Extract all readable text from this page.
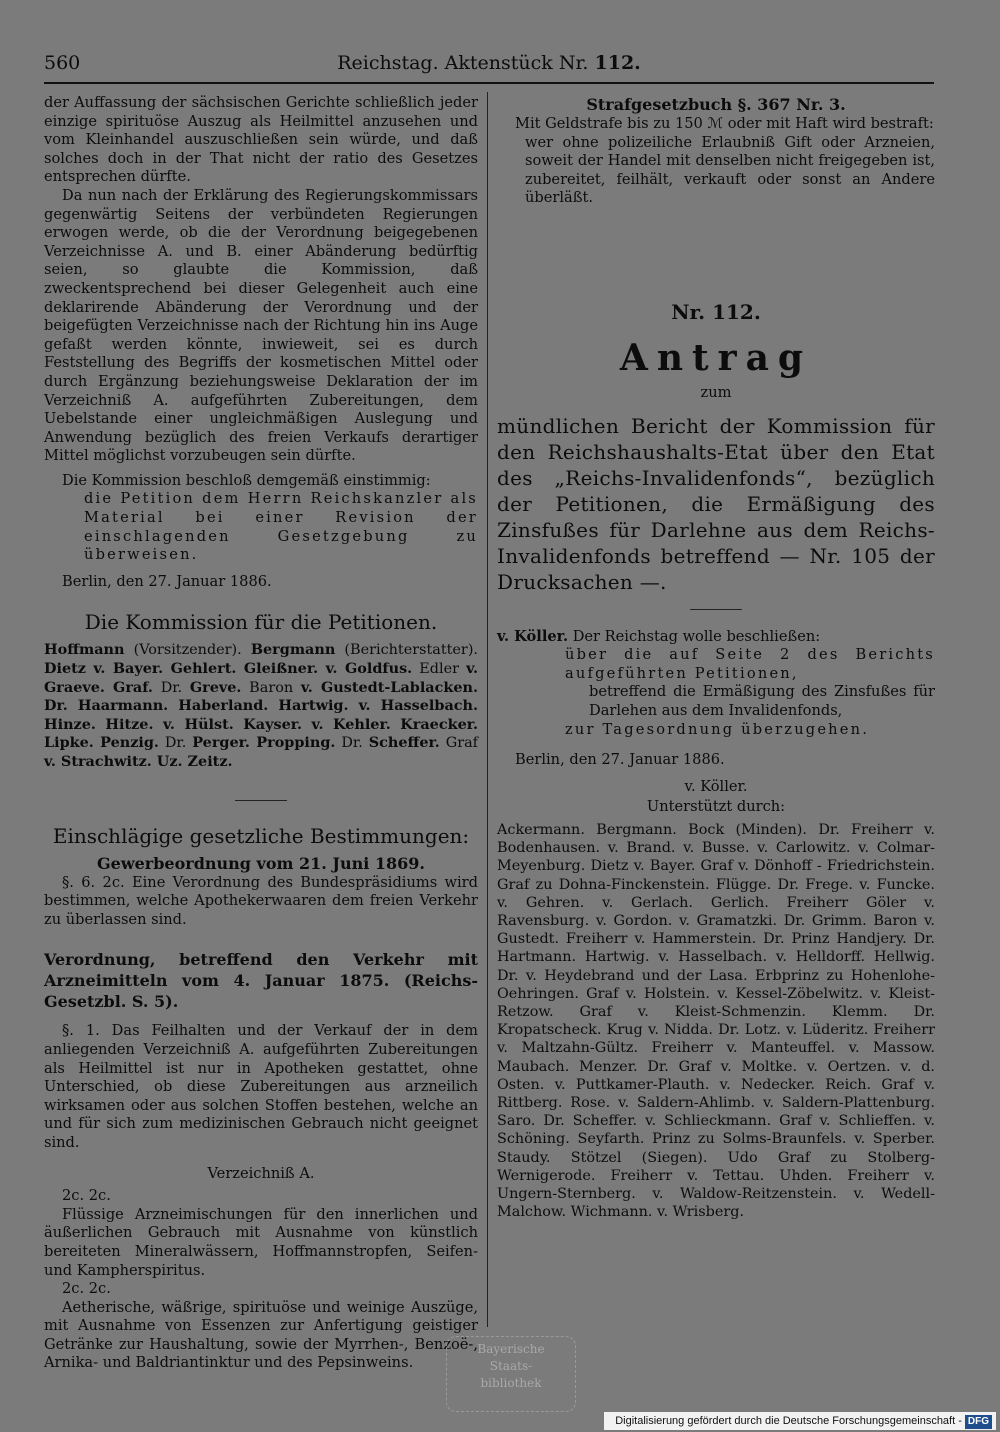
560	Reichstag. Aktenstück Nr. 112.

der Auffassung der sächsischen Gerichte schließlich jeder einzige spirituöse Auszug als Heilmittel anzusehen und vom Kleinhandel auszuschließen sein würde, und daß solches doch in der That nicht der ratio des Gesetzes entsprechen dürfte.

Da nun nach der Erklärung des Regierungskommissars gegenwärtig Seitens der verbündeten Regierungen erwogen werde, ob die der Verordnung beigegebenen Verzeichnisse A. und B. einer Abänderung bedürftig seien, so glaubte die Kommission, daß zweckentsprechend bei dieser Gelegenheit auch eine deklarirende Abänderung der Verordnung und der beigefügten Verzeichnisse nach der Richtung hin ins Auge gefaßt werden könnte, inwieweit, sei es durch Feststellung des Begriffs der kosmetischen Mittel oder durch Ergänzung beziehungsweise Deklaration der im Verzeichniß A. aufgeführten Zubereitungen, dem Uebelstande einer ungleichmäßigen Auslegung und Anwendung bezüglich des freien Verkaufs derartiger Mittel möglichst vorzubeugen sein dürfte.

Die Kommission beschloß demgemäß einstimmig:

die Petition dem Herrn Reichskanzler als Material bei einer Revision der einschlagenden Gesetzgebung zu überweisen.

Berlin, den 27. Januar 1886.

Die Kommission für die Petitionen.

Hoffmann (Vorsitzender). Bergmann (Berichterstatter). Dietz v. Bayer. Gehlert. Gleißner. v. Goldfus. Edler v. Graeve. Graf. Dr. Greve. Baron v. Gustedt-Lablacken. Dr. Haarmann. Haberland. Hartwig. v. Hasselbach. Hinze. Hitze. v. Hülst. Kayser. v. Kehler. Kraecker. Lipke. Penzig. Dr. Perger. Propping. Dr. Scheffer. Graf v. Strachwitz. Uz. Zeitz.

Einschlägige gesetzliche Bestimmungen:

Gewerbeordnung vom 21. Juni 1869.

§. 6. 2c. Eine Verordnung des Bundespräsidiums wird bestimmen, welche Apothekerwaaren dem freien Verkehr zu überlassen sind.

Verordnung, betreffend den Verkehr mit Arzneimitteln vom 4. Januar 1875. (Reichs-Gesetzbl. S. 5).

§. 1. Das Feilhalten und der Verkauf der in dem anliegenden Verzeichniß A. aufgeführten Zubereitungen als Heilmittel ist nur in Apotheken gestattet, ohne Unterschied, ob diese Zubereitungen aus arzneilich wirksamen oder aus solchen Stoffen bestehen, welche an und für sich zum medizinischen Gebrauch nicht geeignet sind.

Verzeichniß A.

2c. 2c.

Flüssige Arzneimischungen für den innerlichen und äußerlichen Gebrauch mit Ausnahme von künstlich bereiteten Mineralwässern, Hoffmannstropfen, Seifen- und Kampherspiritus.

2c. 2c.

Aetherische, wäßrige, spirituöse und weinige Auszüge, mit Ausnahme von Essenzen zur Anfertigung geistiger Getränke zur Haushaltung, sowie der Myrrhen-, Benzoë-, Arnika- und Baldriantinktur und des Pepsinweins.

Strafgesetzbuch §. 367 Nr. 3.

Mit Geldstrafe bis zu 150 ℳ oder mit Haft wird bestraft:

wer ohne polizeiliche Erlaubniß Gift oder Arzneien, soweit der Handel mit denselben nicht freigegeben ist, zubereitet, feilhält, verkauft oder sonst an Andere überläßt.

Nr. 112.

Antrag

zum

mündlichen Bericht der Kommission für den Reichshaushalts-Etat über den Etat des „Reichs-Invalidenfonds“, bezüglich der Petitionen, die Ermäßigung des Zinsfußes für Darlehne aus dem Reichs-Invalidenfonds betreffend — Nr. 105 der Drucksachen —.

v. Köller. Der Reichstag wolle beschließen:

über die auf Seite 2 des Berichts aufgeführten Petitionen,

betreffend die Ermäßigung des Zinsfußes für Darlehen aus dem Invalidenfonds,

zur Tagesordnung überzugehen.

Berlin, den 27. Januar 1886.

v. Köller.

Unterstützt durch:

Ackermann. Bergmann. Bock (Minden). Dr. Freiherr v. Bodenhausen. v. Brand. v. Busse. v. Carlowitz. v. Colmar-Meyenburg. Dietz v. Bayer. Graf v. Dönhoff - Friedrichstein. Graf zu Dohna-Finckenstein. Flügge. Dr. Frege. v. Funcke. v. Gehren. v. Gerlach. Gerlich. Freiherr Göler v. Ravensburg. v. Gordon. v. Gramatzki. Dr. Grimm. Baron v. Gustedt. Freiherr v. Hammerstein. Dr. Prinz Handjery. Dr. Hartmann. Hartwig. v. Hasselbach. v. Helldorff. Hellwig. Dr. v. Heydebrand und der Lasa. Erbprinz zu Hohenlohe-Oehringen. Graf v. Holstein. v. Kessel-Zöbelwitz. v. Kleist-Retzow. Graf v. Kleist-Schmenzin. Klemm. Dr. Kropatscheck. Krug v. Nidda. Dr. Lotz. v. Lüderitz. Freiherr v. Maltzahn-Gültz. Freiherr v. Manteuffel. v. Massow. Maubach. Menzer. Dr. Graf v. Moltke. v. Oertzen. v. d. Osten. v. Puttkamer-Plauth. v. Nedecker. Reich. Graf v. Rittberg. Rose. v. Saldern-Ahlimb. v. Saldern-Plattenburg. Saro. Dr. Scheffer. v. Schlieckmann. Graf v. Schlieffen. v. Schöning. Seyfarth. Prinz zu Solms-Braunfels. v. Sperber. Staudy. Stötzel (Siegen). Udo Graf zu Stolberg-Wernigerode. Freiherr v. Tettau. Uhden. Freiherr v. Ungern-Sternberg. v. Waldow-Reitzenstein. v. Wedell-Malchow. Wichmann. v. Wrisberg.

Bayerische
Staats-
bibliothek
Digitalisierung gefördert durch die Deutsche Forschungsgemeinschaft - DFG
